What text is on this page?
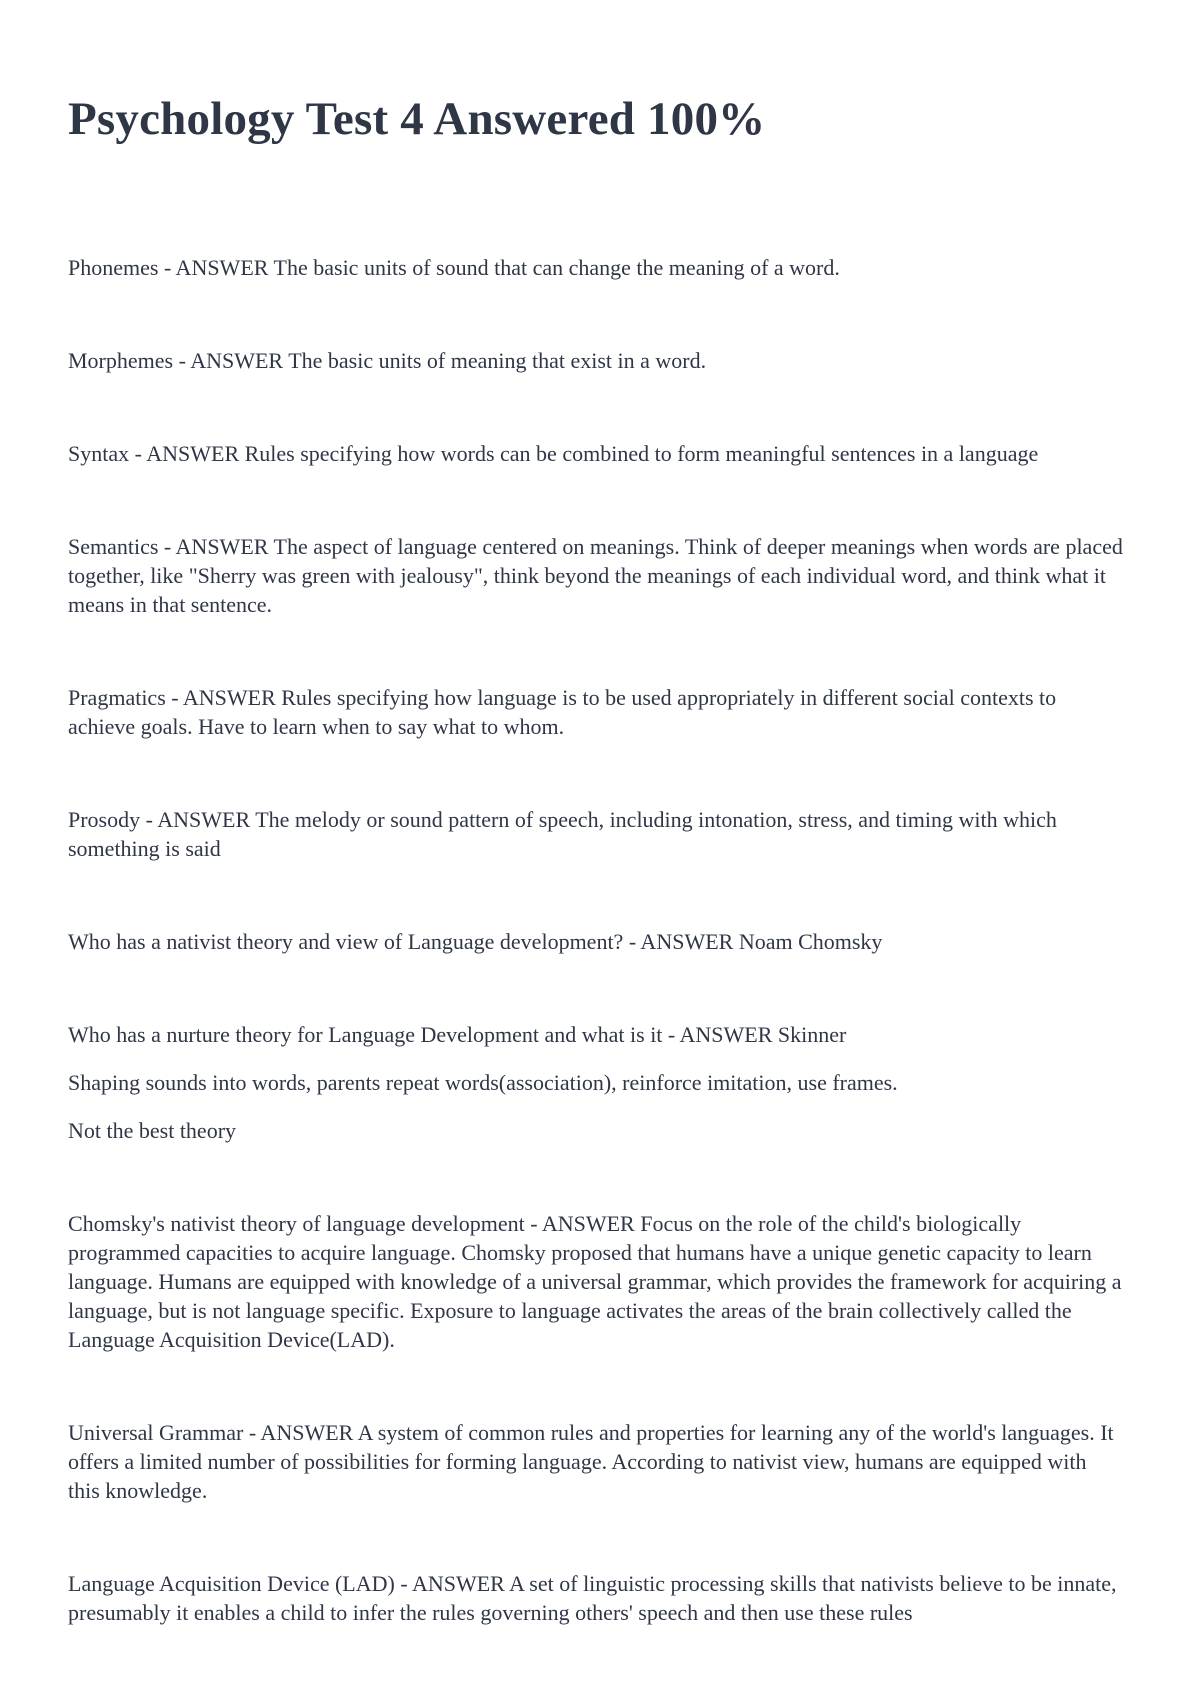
Psychology Test 4 Answered 100%

Phonemes - ANSWER The basic units of sound that can change the meaning of a word.

Morphemes - ANSWER The basic units of meaning that exist in a word.

Syntax - ANSWER Rules specifying how words can be combined to form meaningful sentences in a language

Semantics - ANSWER The aspect of language centered on meanings. Think of deeper meanings when words are placed together, like "Sherry was green with jealousy", think beyond the meanings of each individual word, and think what it means in that sentence.

Pragmatics - ANSWER Rules specifying how language is to be used appropriately in different social contexts to achieve goals. Have to learn when to say what to whom.

Prosody - ANSWER The melody or sound pattern of speech, including intonation, stress, and timing with which something is said

Who has a nativist theory and view of Language development? - ANSWER Noam Chomsky

Who has a nurture theory for Language Development and what is it - ANSWER Skinner

Shaping sounds into words, parents repeat words(association), reinforce imitation, use frames.

Not the best theory

Chomsky's nativist theory of language development - ANSWER Focus on the role of the child's biologically programmed capacities to acquire language. Chomsky proposed that humans have a unique genetic capacity to learn language. Humans are equipped with knowledge of a universal grammar, which provides the framework for acquiring a language, but is not language specific. Exposure to language activates the areas of the brain collectively called the Language Acquisition Device(LAD).

Universal Grammar - ANSWER A system of common rules and properties for learning any of the world's languages. It offers a limited number of possibilities for forming language. According to nativist view, humans are equipped with this knowledge.

Language Acquisition Device (LAD) - ANSWER A set of linguistic processing skills that nativists believe to be innate, presumably it enables a child to infer the rules governing others' speech and then use these rules
